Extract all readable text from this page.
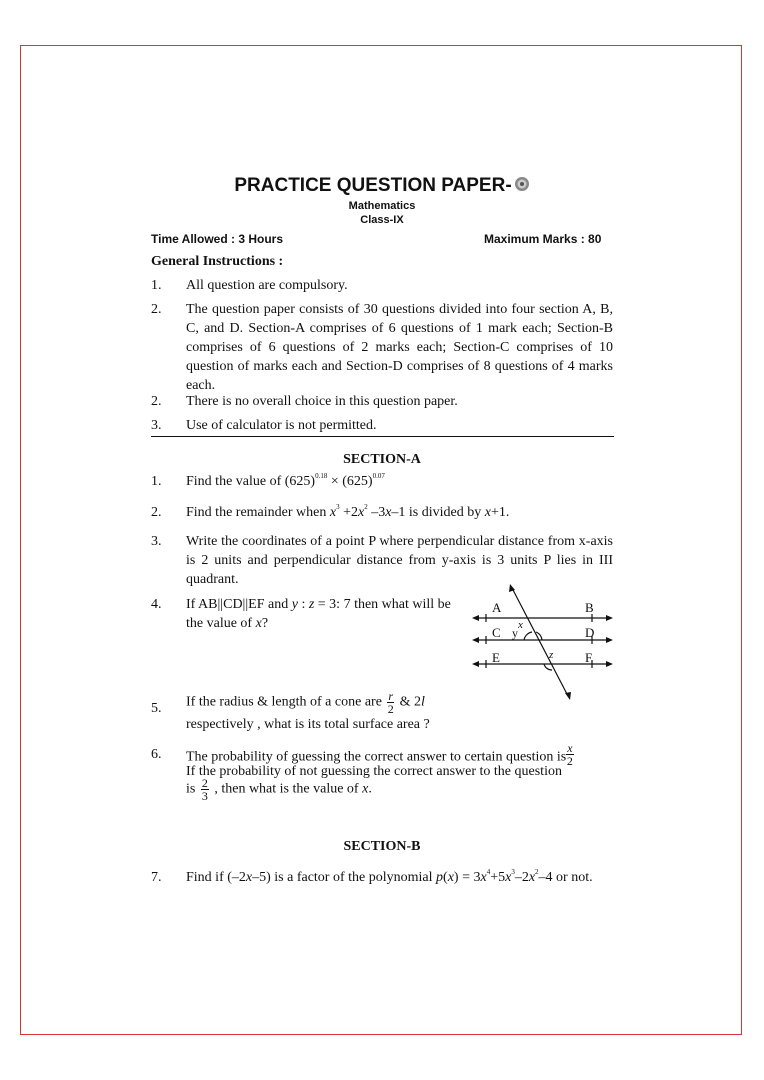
PRACTICE QUESTION PAPER-
Mathematics
Class-IX
Time Allowed : 3 Hours	Maximum Marks : 80
General Instructions :
1. All question are compulsory.
2. The question paper consists of 30 questions divided into four section A, B, C, and D. Section-A comprises of 6 questions of 1 mark each; Section-B comprises of 6 questions of 2 marks each; Section-C comprises of 10 question of marks each and Section-D comprises of 8 questions of 4 marks each.
2. There is no overall choice in this question paper.
3. Use of calculator is not permitted.
SECTION-A
1. Find the value of $(625)^{0.18} \times (625)^{0.07}$
2. Find the remainder when $x^3 +2x^2$ –3x–1 is divided by x+1.
3. Write the coordinates of a point P where perpendicular distance from x-axis is 2 units and perpendicular distance from y-axis is 3 units P lies in III quadrant.
4. If AB||CD||EF and y : z = 3: 7 then what will be the value of x?
A	B
C	D
E	F
x
y
z
5. If the radius & length of a cone are $\frac{r}{2}$ & 2l
respectively , what is its total surface area ?
6. The probability of guessing the correct answer to certain question is $\frac{x}{2}$
If the probability of not guessing the correct answer to the question
is $\frac{2}{3}$ , then what is the value of x.
SECTION-B
7. Find if (–2x–5) is a factor of the polynomial $p(x) = 3x^4+5x^3-2x^2-4$ or not.
